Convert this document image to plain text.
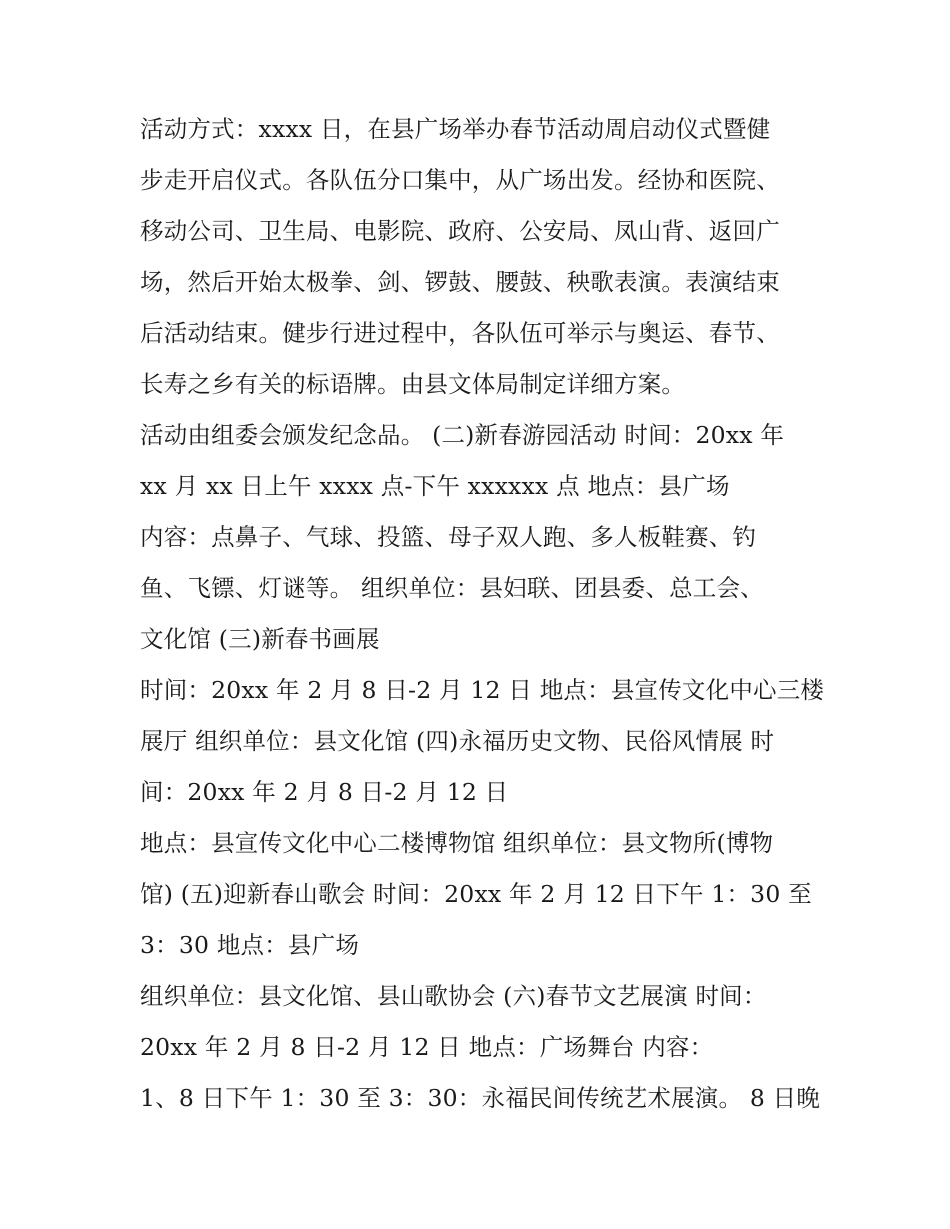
活动方式：xxxx 日，在县广场举办春节活动周启动仪式暨健
步走开启仪式。各队伍分口集中，从广场出发。经协和医院、
移动公司、卫生局、电影院、政府、公安局、凤山背、返回广
场，然后开始太极拳、剑、锣鼓、腰鼓、秧歌表演。表演结束
后活动结束。健步行进过程中，各队伍可举示与奥运、春节、
长寿之乡有关的标语牌。由县文体局制定详细方案。
活动由组委会颁发纪念品。 (二)新春游园活动 时间：20xx 年
xx 月 xx 日上午 xxxx 点-下午 xxxxxx 点 地点：县广场
内容：点鼻子、气球、投篮、母子双人跑、多人板鞋赛、钓
鱼、飞镖、灯谜等。 组织单位：县妇联、团县委、总工会、
文化馆 (三)新春书画展
时间：20xx 年 2 月 8 日-2 月 12 日 地点：县宣传文化中心三楼
展厅 组织单位：县文化馆 (四)永福历史文物、民俗风情展 时
间：20xx 年 2 月 8 日-2 月 12 日
地点：县宣传文化中心二楼博物馆 组织单位：县文物所(博物
馆) (五)迎新春山歌会 时间：20xx 年 2 月 12 日下午 1：30 至
3：30 地点：县广场
组织单位：县文化馆、县山歌协会 (六)春节文艺展演 时间：
20xx 年 2 月 8 日-2 月 12 日 地点：广场舞台 内容：
1、8 日下午 1：30 至 3：30：永福民间传统艺术展演。 8 日晚
